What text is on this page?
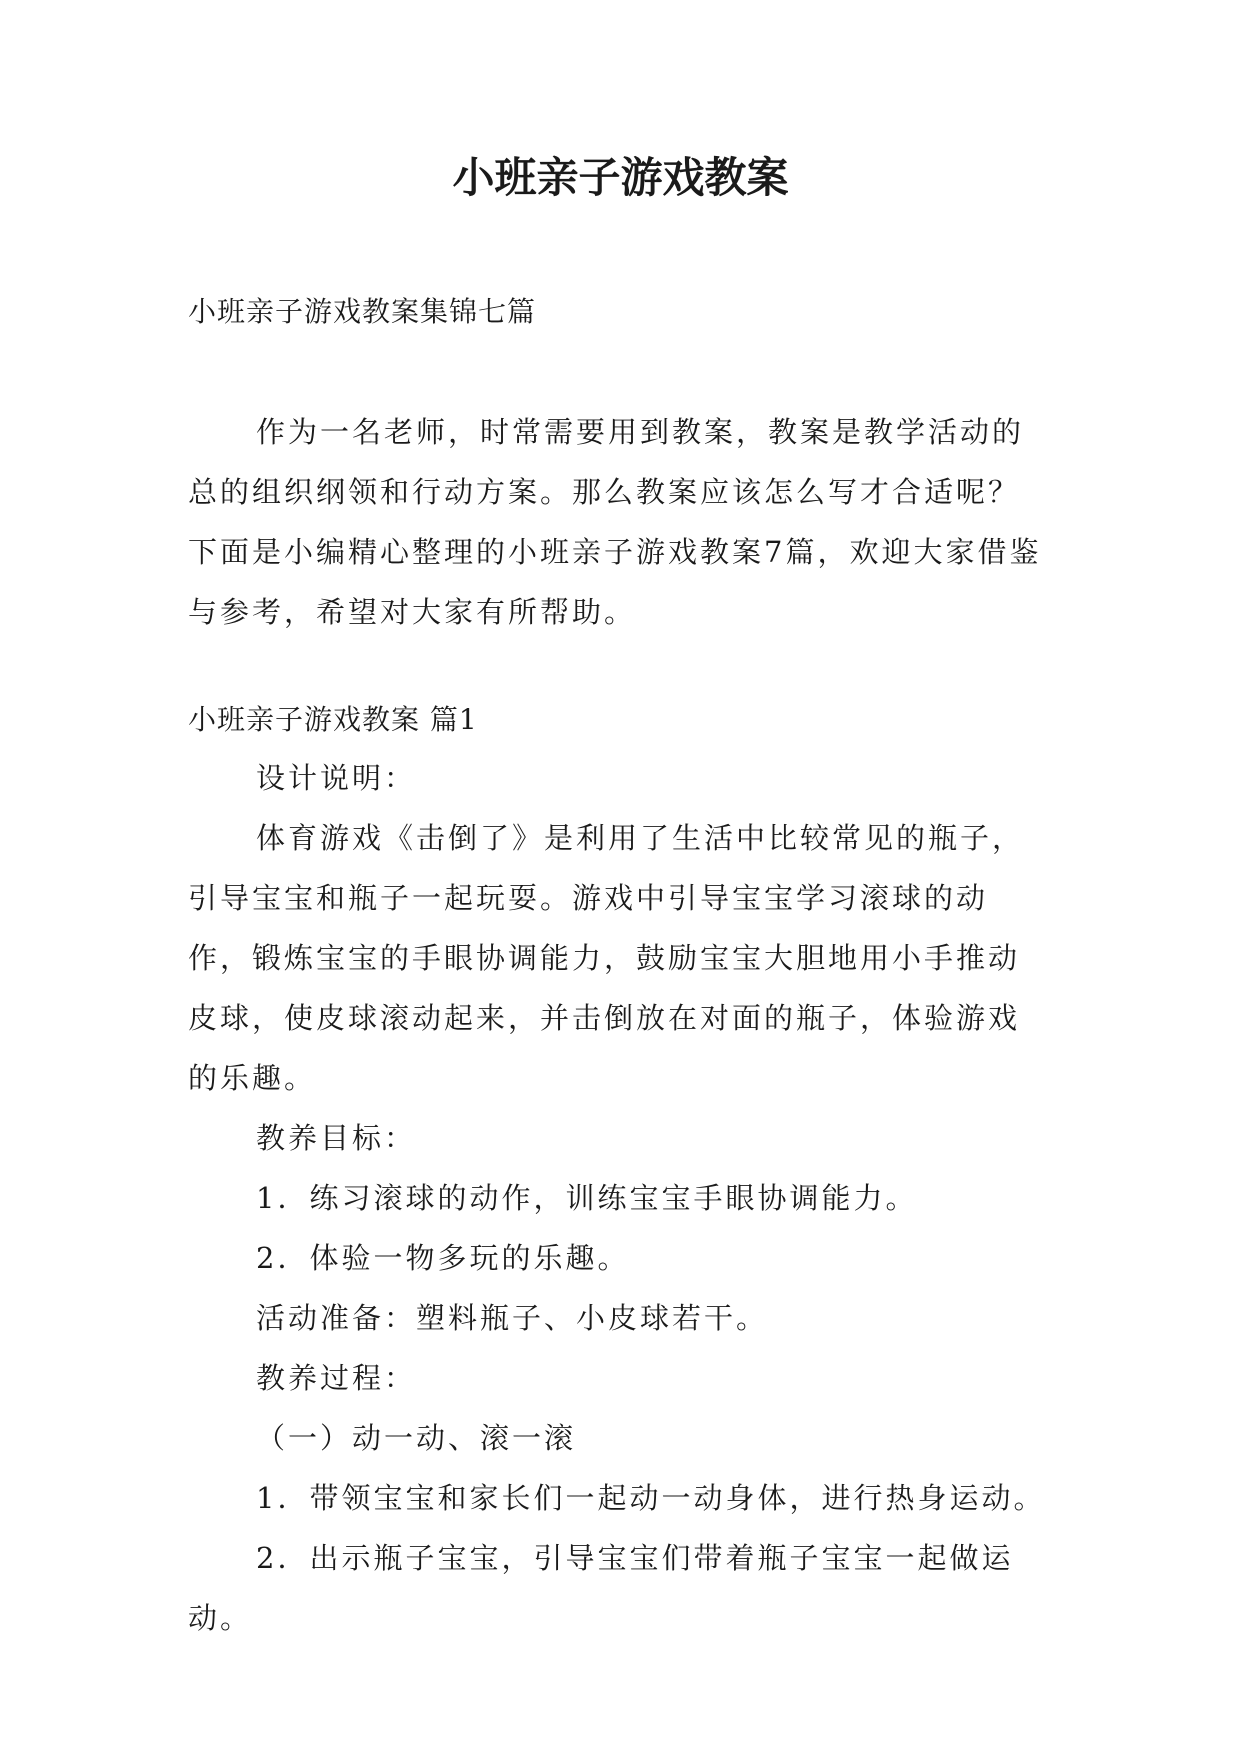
小班亲子游戏教案

小班亲子游戏教案集锦七篇

作为一名老师，时常需要用到教案，教案是教学活动的总的组织纲领和行动方案。那么教案应该怎么写才合适呢？下面是小编精心整理的小班亲子游戏教案7篇，欢迎大家借鉴与参考，希望对大家有所帮助。

小班亲子游戏教案 篇1

设计说明：

体育游戏《击倒了》是利用了生活中比较常见的瓶子，引导宝宝和瓶子一起玩耍。游戏中引导宝宝学习滚球的动作，锻炼宝宝的手眼协调能力，鼓励宝宝大胆地用小手推动皮球，使皮球滚动起来，并击倒放在对面的瓶子，体验游戏的乐趣。

教养目标：

1．练习滚球的动作，训练宝宝手眼协调能力。

2．体验一物多玩的乐趣。

活动准备：塑料瓶子、小皮球若干。

教养过程：

（一）动一动、滚一滚

1．带领宝宝和家长们一起动一动身体，进行热身运动。

2．出示瓶子宝宝，引导宝宝们带着瓶子宝宝一起做运动。
